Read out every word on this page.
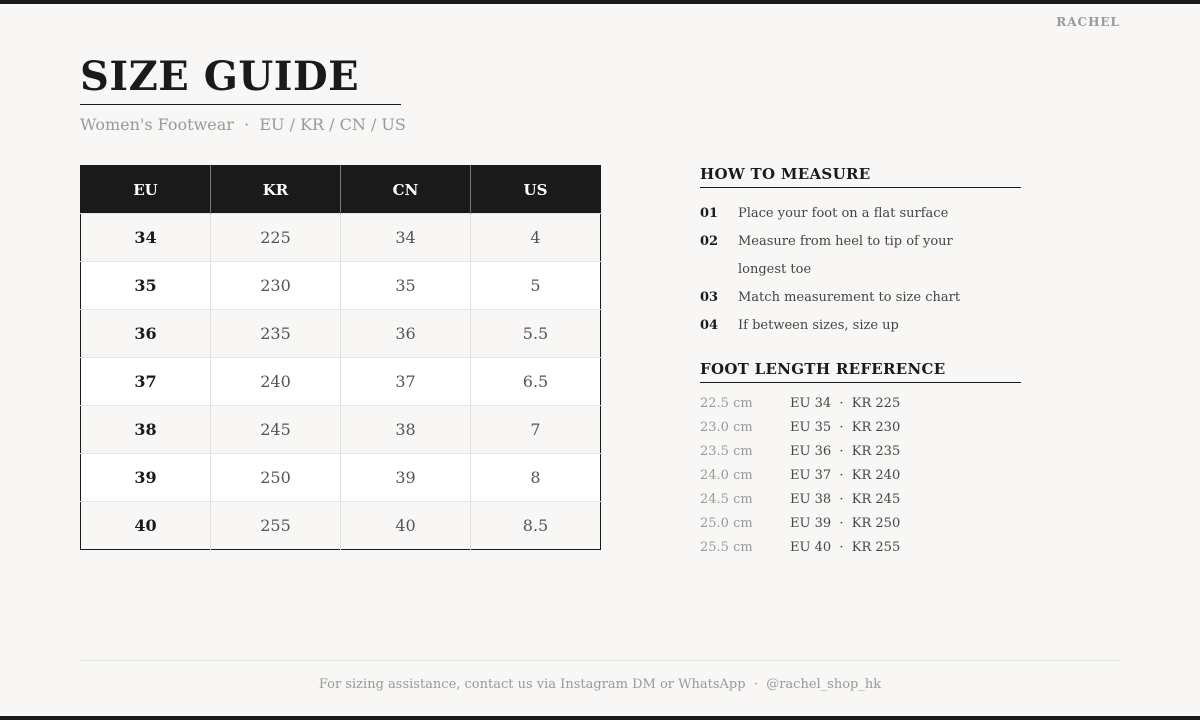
RACHEL
SIZE GUIDE
Women's Footwear  ·  EU / KR / CN / US
EU	KR	CN	US
34	225	34	4
35	230	35	5
36	235	36	5.5
37	240	37	6.5
38	245	38	7
39	250	39	8
40	255	40	8.5
HOW TO MEASURE
01	Place your foot on a flat surface
02	Measure from heel to tip of your longest toe
03	Match measurement to size chart
04	If between sizes, size up
FOOT LENGTH REFERENCE
22.5 cm	EU 34  ·  KR 225
23.0 cm	EU 35  ·  KR 230
23.5 cm	EU 36  ·  KR 235
24.0 cm	EU 37  ·  KR 240
24.5 cm	EU 38  ·  KR 245
25.0 cm	EU 39  ·  KR 250
25.5 cm	EU 40  ·  KR 255
For sizing assistance, contact us via Instagram DM or WhatsApp  ·  @rachel_shop_hk
